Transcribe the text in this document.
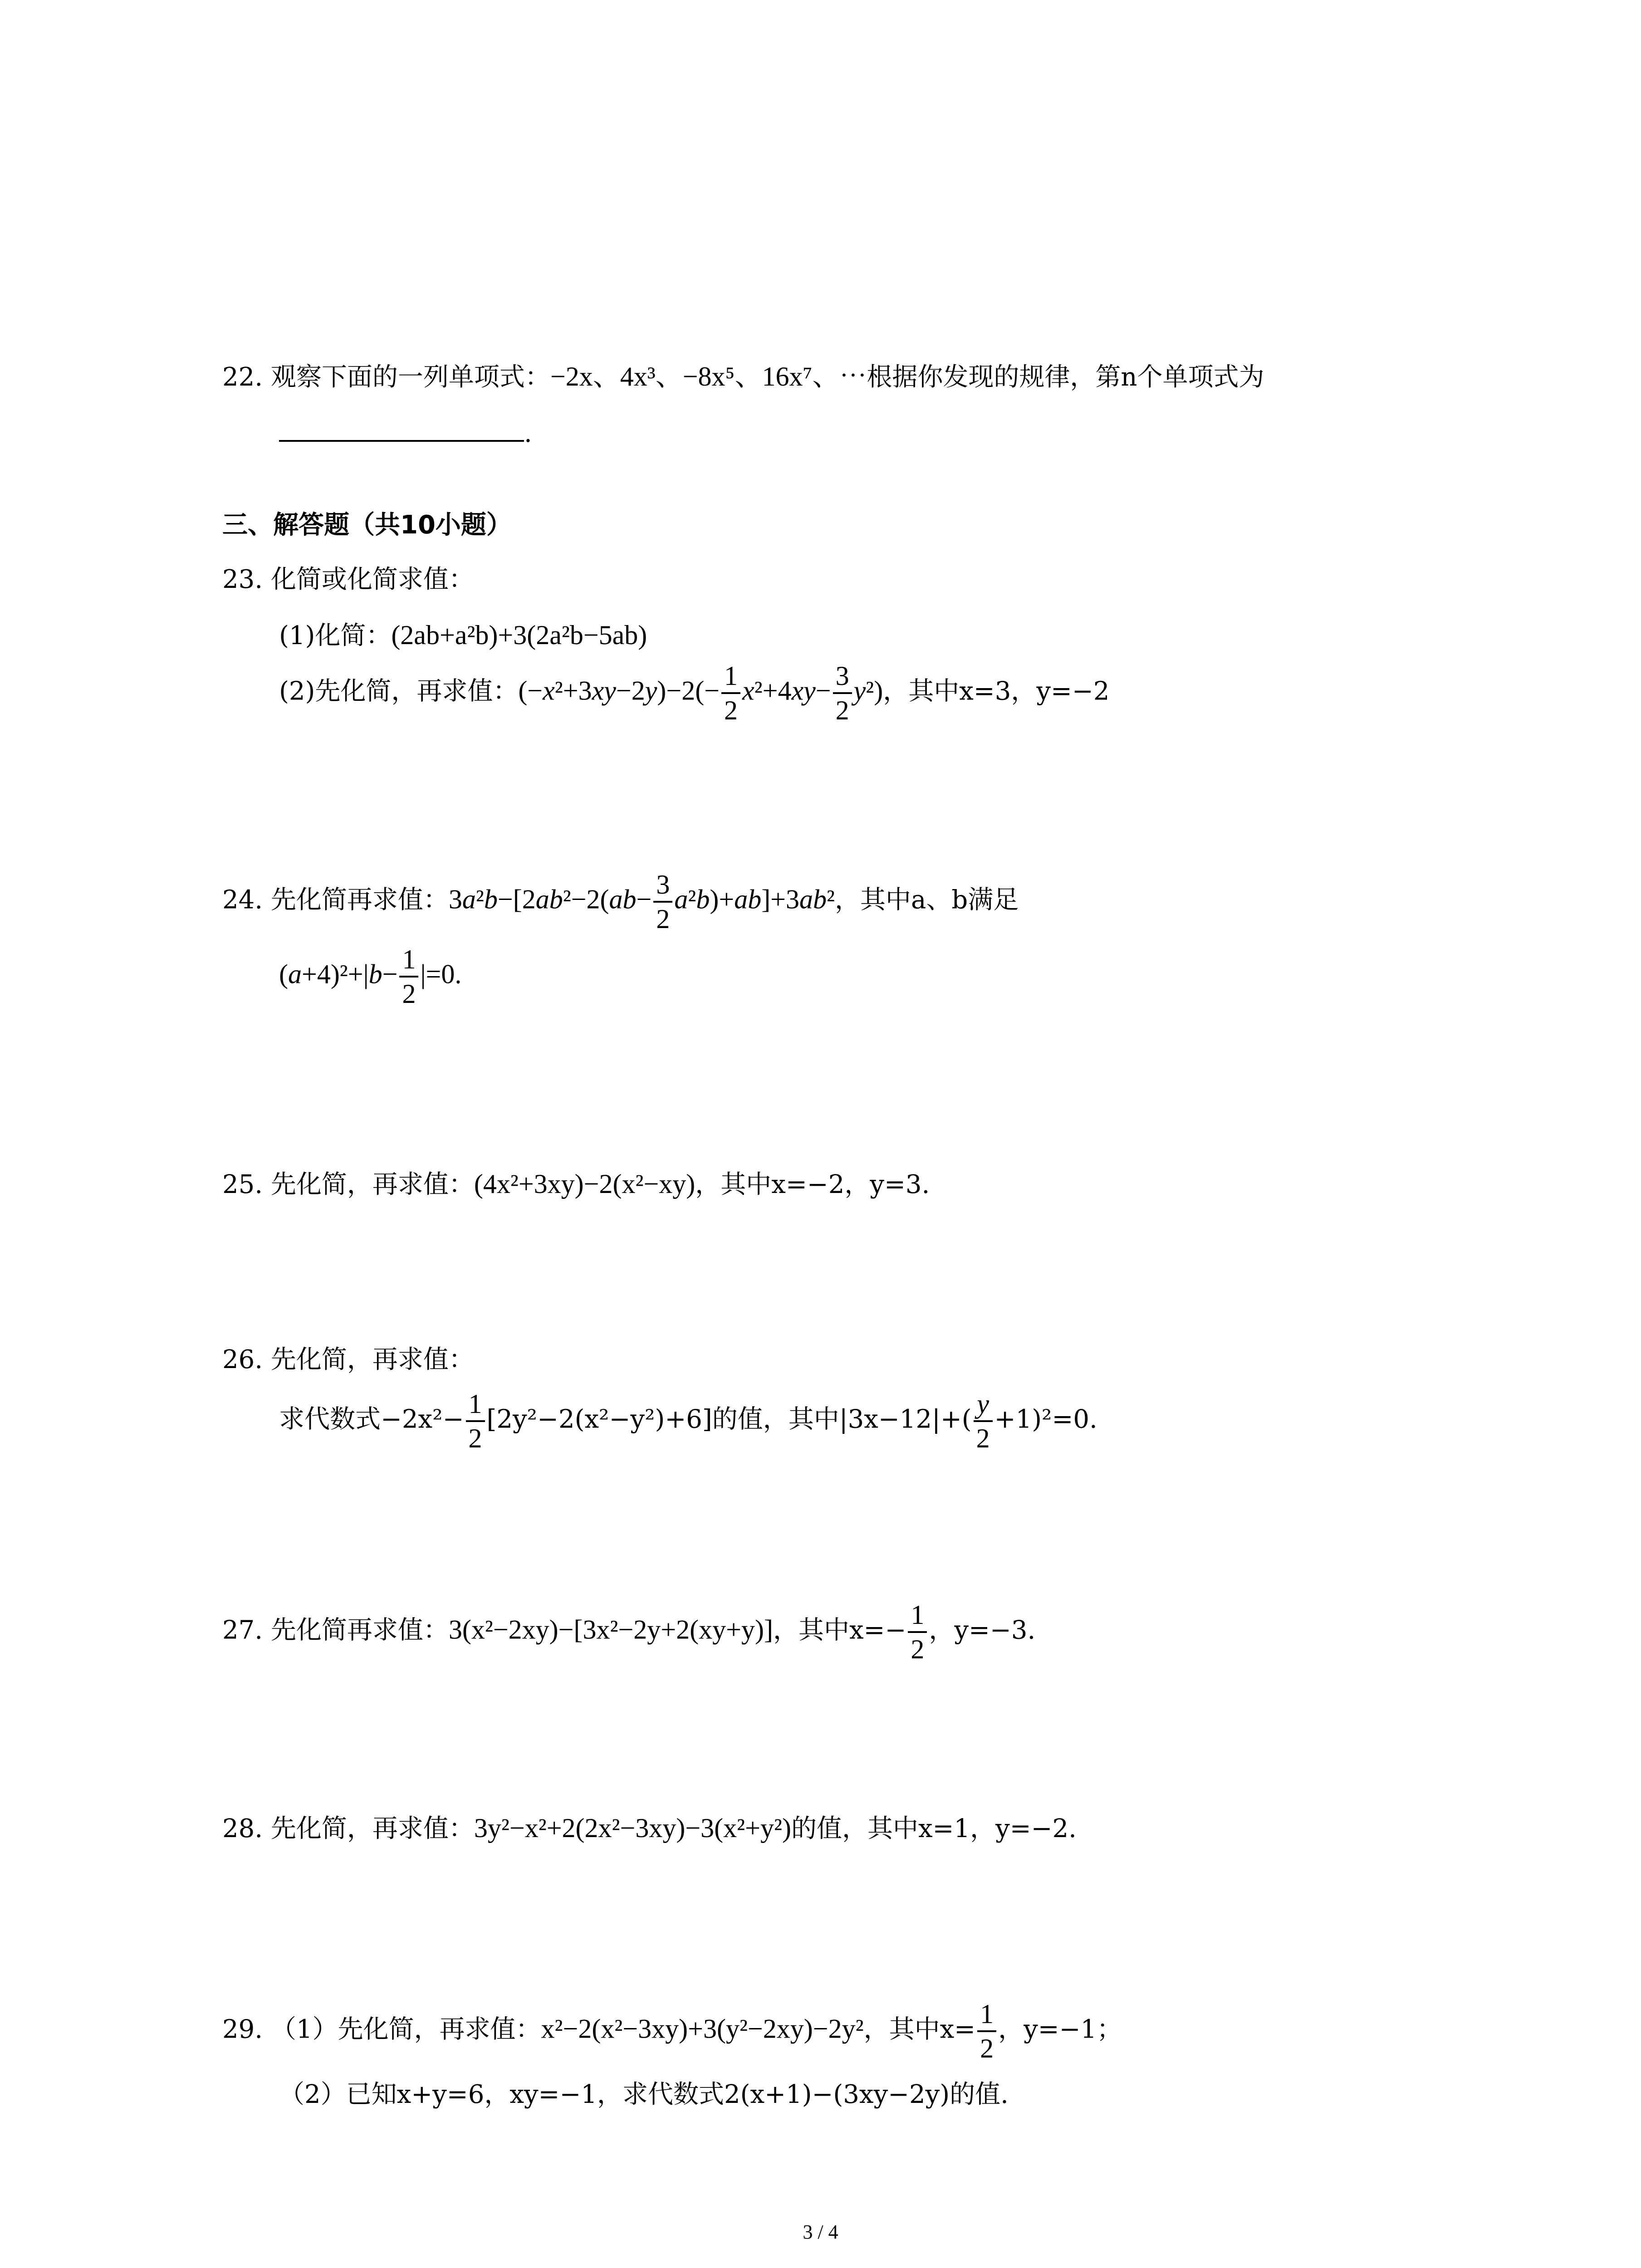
22. 观察下面的一列单项式：−2x、4x³、−8x⁵、16x⁷、⋯根据你发现的规律，第n个单项式为
.
三、解答题（共10小题）
23. 化简或化简求值：
(1)化简：(2ab+a²b)+3(2a²b−5ab)
(2)先化简，再求值：$(-x^2+3xy-2y)-2(- \frac{1}{2} x^2+4xy- \frac{3}{2} y^2)$，其中x=3，y=−2
24. 先化简再求值：$3a^2b-[2ab^2-2(ab- \frac{3}{2} a^2b)+ab]+3ab^2$，其中a、b满足
$(a+4)^2+|b- \frac{1}{2} |=0$.
25. 先化简，再求值：(4x²+3xy)−2(x²−xy)，其中x=−2，y=3.
26. 先化简，再求值：
求代数式$-2x^2- \frac{1}{2} [2y^2-2(x^2-y^2)+6]$的值，其中$|3x-12|+( \frac{y}{2} +1)^2=0$.
27. 先化简再求值：3(x²−2xy)−[3x²−2y+2(xy+y)]，其中$x=- \frac{1}{2}$ ，y=−3.
28. 先化简，再求值：3y²−x²+2(2x²−3xy)−3(x²+y²)的值，其中x=1，y=−2.
29. （1）先化简，再求值：x²−2(x²−3xy)+3(y²−2xy)−2y²，其中$x= \frac{1}{2}$ ，y=−1；
（2）已知x+y=6，xy=−1，求代数式2(x+1)−(3xy−2y)的值.
3 / 4
